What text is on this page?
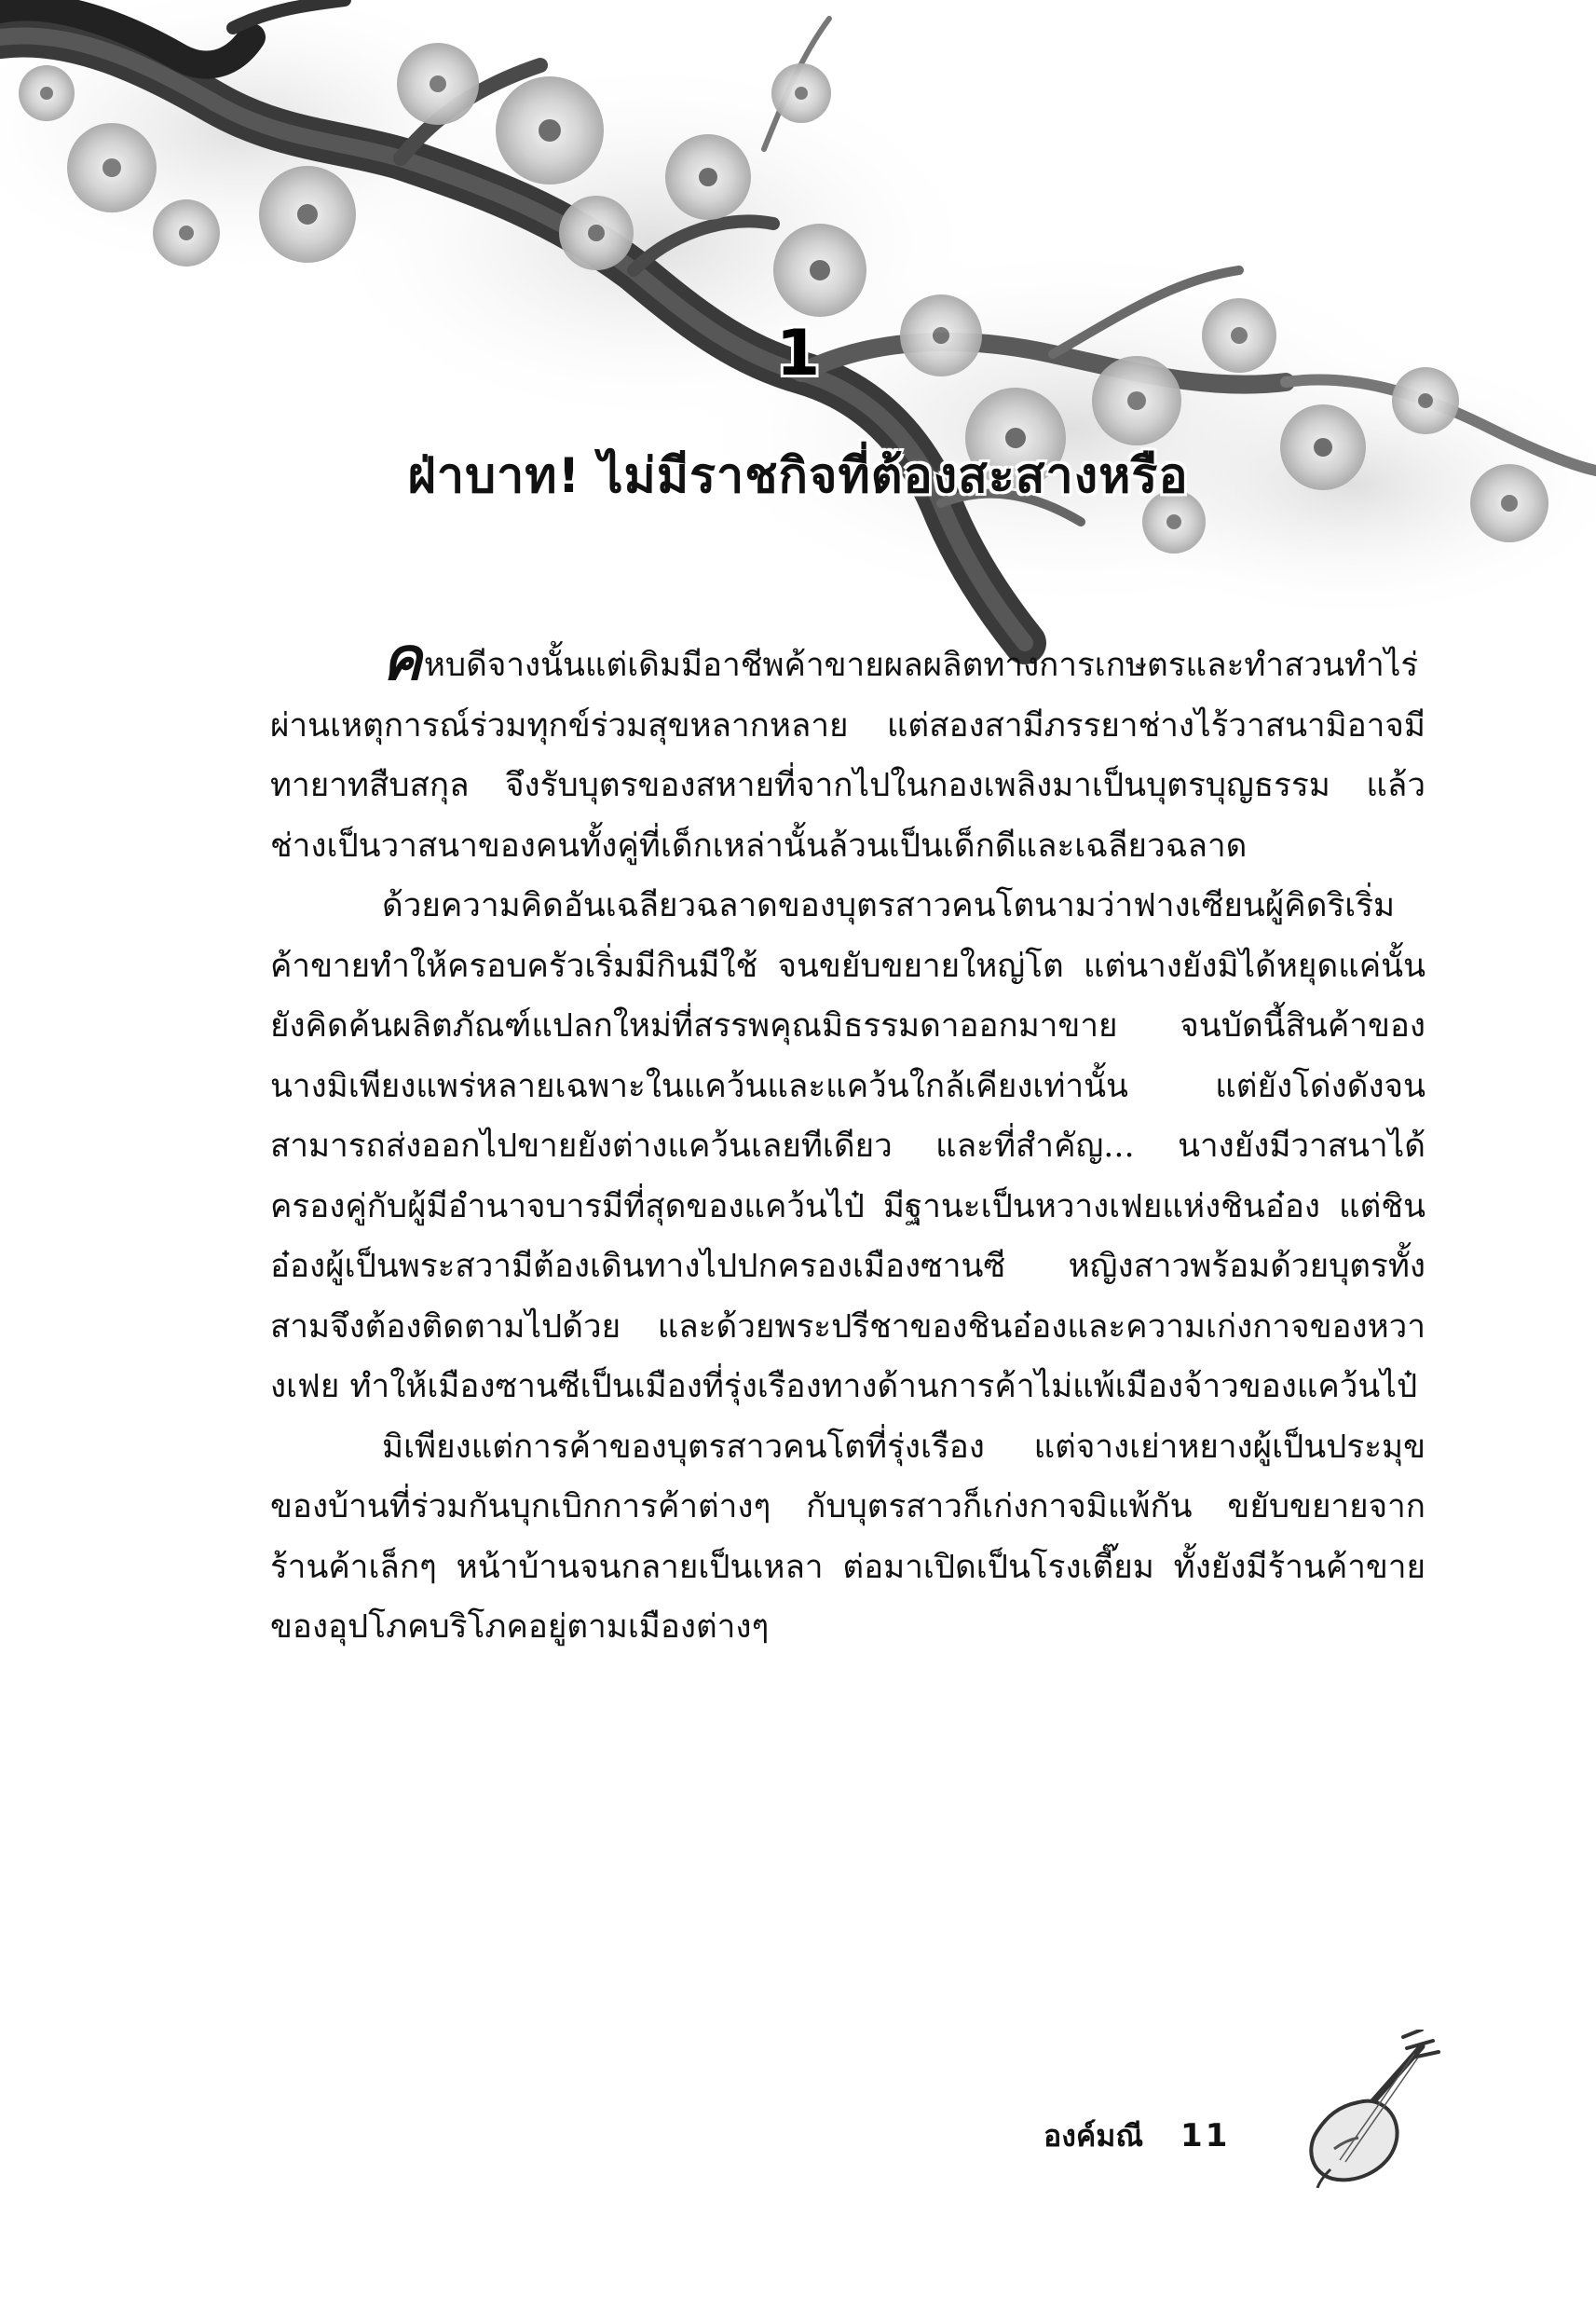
1
ฝ่าบาท! ไม่มีราชกิจที่ต้องสะสางหรือ

คหบดีจางนั้นแต่เดิมมีอาชีพค้าขายผลผลิตทางการเกษตรและทำสวนทำไร่ ผ่านเหตุการณ์ร่วมทุกข์ร่วมสุขหลากหลาย แต่สองสามีภรรยาช่างไร้วาสนามิอาจมีทายาทสืบสกุล จึงรับบุตรของสหายที่จากไปในกองเพลิงมาเป็นบุตรบุญธรรม แล้วช่างเป็นวาสนาของคนทั้งคู่ที่เด็กเหล่านั้นล้วนเป็นเด็กดีและเฉลียวฉลาด

ด้วยความคิดอันเฉลียวฉลาดของบุตรสาวคนโตนามว่าฟางเซียนผู้คิดริเริ่มค้าขายทำให้ครอบครัวเริ่มมีกินมีใช้ จนขยับขยายใหญ่โต แต่นางยังมิได้หยุดแค่นั้น ยังคิดค้นผลิตภัณฑ์แปลกใหม่ที่สรรพคุณมิธรรมดาออกมาขาย จนบัดนี้สินค้าของนางมิเพียงแพร่หลายเฉพาะในแคว้นและแคว้นใกล้เคียงเท่านั้น แต่ยังโด่งดังจนสามารถส่งออกไปขายยังต่างแคว้นเลยทีเดียว และที่สำคัญ... นางยังมีวาสนาได้ครองคู่กับผู้มีอำนาจบารมีที่สุดของแคว้นไป๋ มีฐานะเป็นหวางเฟยแห่งชินอ๋อง แต่ชินอ๋องผู้เป็นพระสวามีต้องเดินทางไปปกครองเมืองซานซี หญิงสาวพร้อมด้วยบุตรทั้งสามจึงต้องติดตามไปด้วย และด้วยพระปรีชาของชินอ๋องและความเก่งกาจของหวางเฟย ทำให้เมืองซานซีเป็นเมืองที่รุ่งเรืองทางด้านการค้าไม่แพ้เมืองจ้าวของแคว้นไป๋

มิเพียงแต่การค้าของบุตรสาวคนโตที่รุ่งเรือง แต่จางเย่าหยางผู้เป็นประมุขของบ้านที่ร่วมกันบุกเบิกการค้าต่างๆ กับบุตรสาวก็เก่งกาจมิแพ้กัน ขยับขยายจากร้านค้าเล็กๆ หน้าบ้านจนกลายเป็นเหลา ต่อมาเปิดเป็นโรงเตี๊ยม ทั้งยังมีร้านค้าขายของอุปโภคบริโภคอยู่ตามเมืองต่างๆ

องค์มณี 11
